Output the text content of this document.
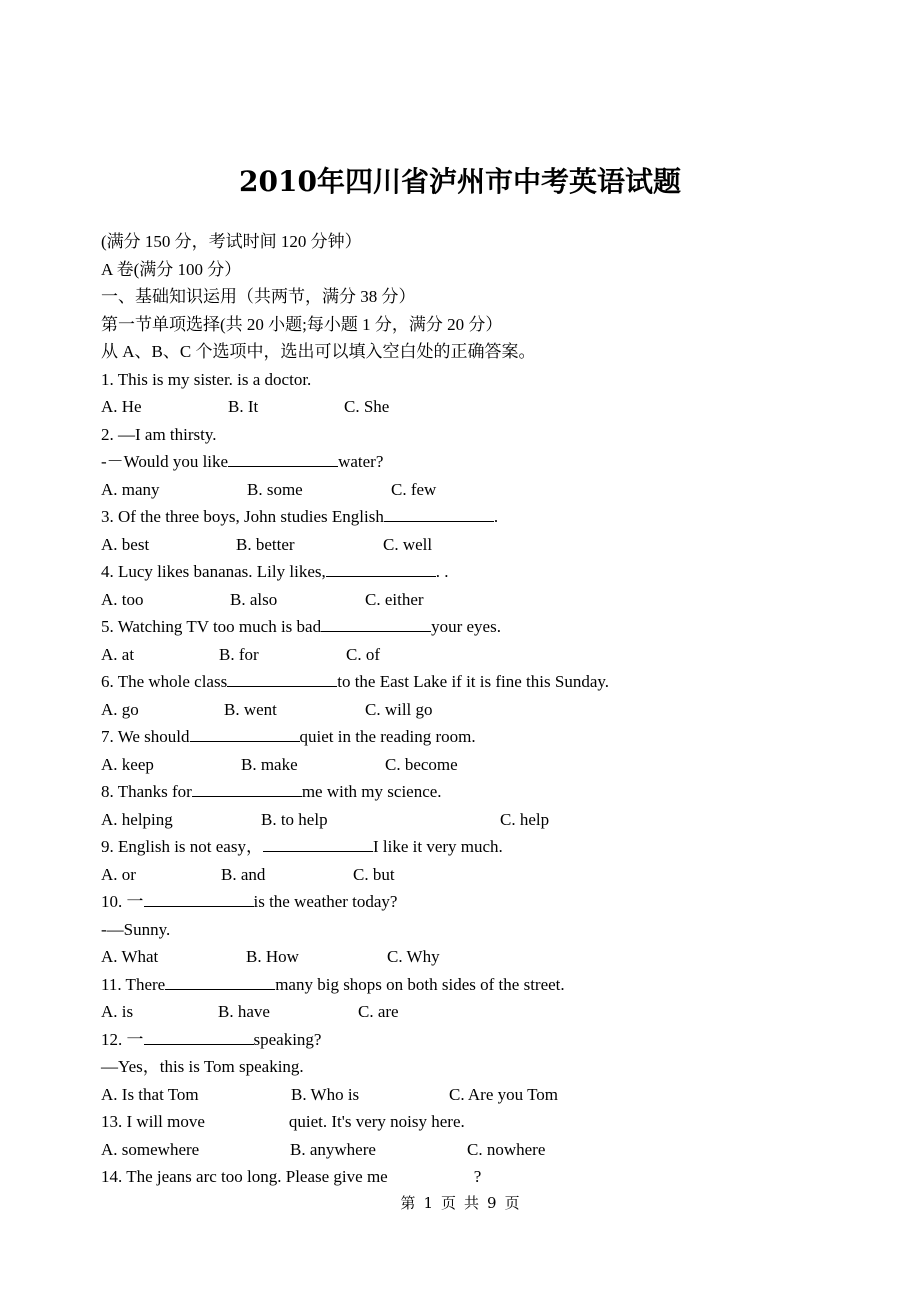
2010年四川省泸州市中考英语试题
(满分 150 分，考试时间 120 分钟）
A 卷(满分 100 分）
一、基础知识运用（共两节，满分 38 分）
第一节单项选择(共 20 小题;每小题 1 分，满分 20 分）
从 A、B、C 个选项中，选出可以填入空白处的正确答案。
1. This is my sister. is a doctor.
A. He	B. It	C. She
2. —I am thirsty.
-－Would you like	water?
A. many	B. some	C. few
3. Of the three boys, John studies English	.
A. best	B. better	C. well
4. Lucy likes bananas. Lily likes,	. .
A. too	B. also	C. either
5. Watching TV too much is bad	your eyes.
A. at	B. for	C. of
6. The whole class	to the East Lake if it is fine this Sunday.
A. go	B. went	C. will go
7. We should	quiet in the reading room.
A. keep	B. make	C. become
8. Thanks for	me with my science.
A. helping	B. to help	C. help
9. English is not easy，	I like it very much.
A. or	B. and	C. but
10. 一	is the weather today?
-—Sunny.
A. What	B. How	C. Why
11. There	many big shops on both sides of the street.
A. is	B. have	C. are
12. 一	speaking?
—Yes，this is Tom speaking.
A. Is that Tom	B. Who is	C. Are you Tom
13. I will move	quiet. It's very noisy here.
A. somewhere	B. anywhere	C. nowhere
14. The jeans arc too long. Please give me	?
第 1 页 共 9 页
